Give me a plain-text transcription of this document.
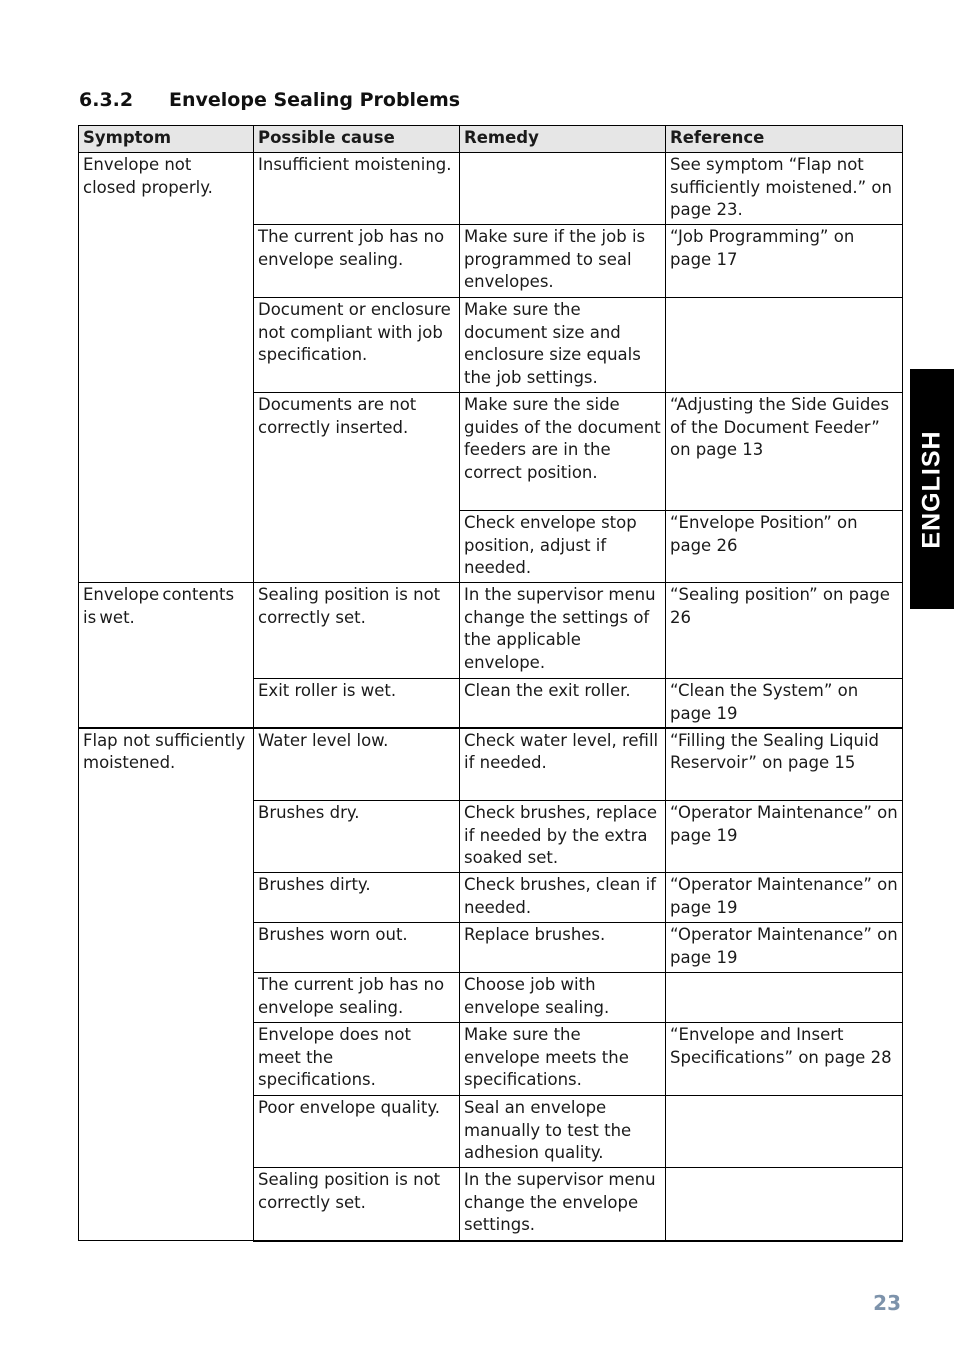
6.3.2 Envelope Sealing Problems
Symptom	Possible cause	Remedy	Reference
Envelope not closed properly.	Insufficient moistening.		See symptom “Flap not sufficiently moistened.” on page 23.
	The current job has no envelope sealing.	Make sure if the job is programmed to seal envelopes.	“Job Programming” on page 17
	Document or enclosure not compliant with job specification.	Make sure the document size and enclosure size equals the job settings.	
	Documents are not correctly inserted.	Make sure the side guides of the document feeders are in the correct position.	“Adjusting the Side Guides of the Document Feeder” on page 13
		Check envelope stop position, adjust if needed.	“Envelope Position” on page 26
Envelope contents is wet.	Sealing position is not correctly set.	In the supervisor menu change the settings of the applicable envelope.	“Sealing position” on page 26
	Exit roller is wet.	Clean the exit roller.	“Clean the System” on page 19
Flap not sufficiently moistened.	Water level low.	Check water level, refill if needed.	“Filling the Sealing Liquid Reservoir” on page 15
	Brushes dry.	Check brushes, replace if needed by the extra soaked set.	“Operator Maintenance” on page 19
	Brushes dirty.	Check brushes, clean if needed.	“Operator Maintenance” on page 19
	Brushes worn out.	Replace brushes.	“Operator Maintenance” on page 19
	The current job has no envelope sealing.	Choose job with envelope sealing.	
	Envelope does not meet the specifications.	Make sure the envelope meets the specifications.	“Envelope and Insert Specifications” on page 28
	Poor envelope quality.	Seal an envelope manually to test the adhesion quality.	
	Sealing position is not correctly set.	In the supervisor menu change the envelope settings.	
ENGLISH
23
